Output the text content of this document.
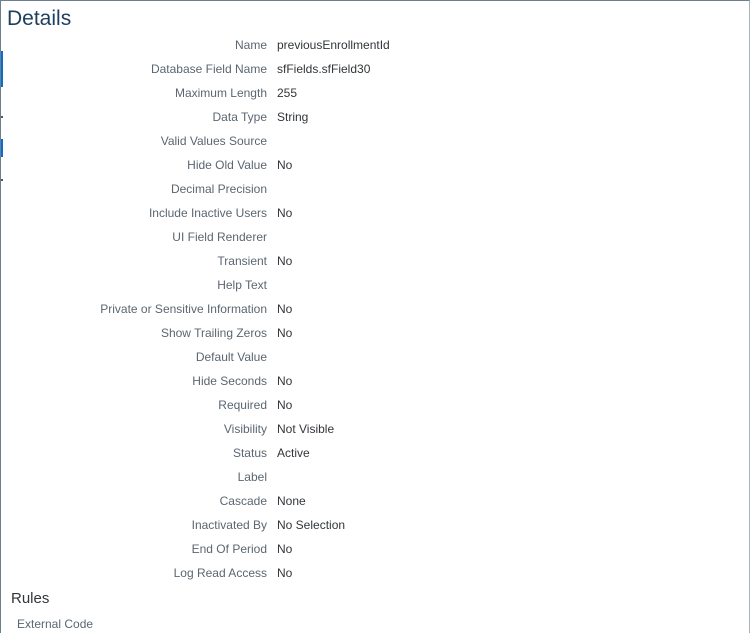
Details
Name previousEnrollmentId
Database Field Name sfFields.sfField30
Maximum Length 255
Data Type String
Valid Values Source
Hide Old Value No
Decimal Precision
Include Inactive Users No
UI Field Renderer
Transient No
Help Text
Private or Sensitive Information No
Show Trailing Zeros No
Default Value
Hide Seconds No
Required No
Visibility Not Visible
Status Active
Label
Cascade None
Inactivated By No Selection
End Of Period No
Log Read Access No
Rules
External Code
